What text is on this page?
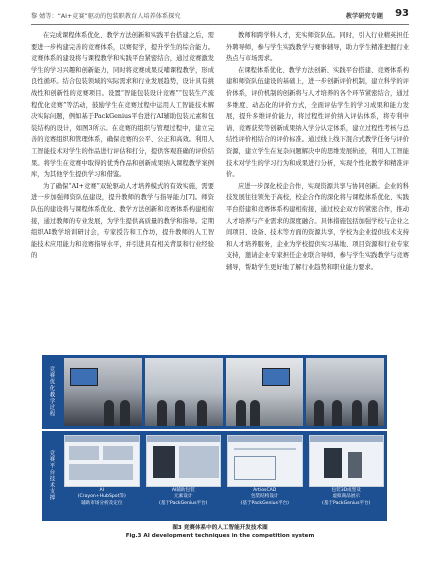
黎 婧等：“AI+竞赛”驱动的包装职教育人培养体系探究	教学研究专题 93

在完成课程体系优化、教学方法创新和实践平台搭建之后，需要进一步构建完善的竞赛体系，以赛促学，提升学生的综合能力。竞赛体系的建设将与课程教学和实践平台紧密结合，通过竞赛激发学生的学习兴趣和创新能力，同时将竞赛成果反哺课程教学，形成良性循环。结合包装领域的实际需求和行业发展趋势，设计具有挑战性和创新性的竞赛项目。设置“智能包装设计竞赛”“包装生产流程优化竞赛”等活动，鼓励学生在竞赛过程中运用人工智能技术解决实际问题，例如基于PackGenius平台进行AI辅助包装元素和包装结构的设计，如图3所示。在竞赛的组织与管理过程中，建立完善的竞赛组织和管理体系，确保竞赛的公平、公正和高效。利用人工智能技术对学生的作品进行评估和打分，提供客观准确的评价结果。将学生在竞赛中取得的优秀作品和创新成果纳入课程教学案例库，为其他学生提供学习和借鉴。

为了确保“AI+竞赛”双轮驱动人才培养模式的有效实施，需要进一步加强师资队伍建设，提升教师的教学与指导能力[7]。师资队伍的建设将与课程体系优化、教学方法创新和竞赛体系构建相衔接，通过教师的专业发展，为学生提供高质量的教学和指导。定期组织AI教学培训研讨会，专家授告和工作坊，提升教师的人工智能技术应用能力和竞赛指导水平，并引进具有相关背景和行业经验的

教师和跨学科人才，充实师资队伍。同时，引入行业精英担任外聘导师，参与学生实践教学与赛事辅导，助力学生精准把握行业热点与市场需求。

在课程体系优化、教学方法创新、实践平台搭建、竞赛体系构建和师资队伍建设的基础上，进一步创新评价机制，建立科学的评价体系，评价机制的创新将与人才培养的各个环节紧密结合，通过多维度、动态化的评价方式，全面评估学生的学习成果和能力发展，提升多维评价能力，将过程性评价纳入评估体系，将专利申请、竞赛获奖等创新成果纳入学分认定体系，建立过程性考核与总结性评价相结合的评价标准。通过线上线下混合式教学任务与评价资源，建立学生在复杂问题解决中的思维发展轨迹，利用人工智能技术对学生的学习行为和成果进行分析，实现个性化教学和精准评价。

应进一步深化校企合作，实现资源共享与协同创新。企业的科技发展往往领先于高校，校企合作的深化将与课程体系优化、实践平台搭建和竞赛体系构建相衔接，通过校企双方的紧密合作，推动人才培养与产业需求的深度融合。具体措施包括加强学校与企业之间项目、设备、技术等方面的资源共享，学校为企业提供技术支持和人才培养服务，企业为学校提供实习基地、项目资源和行业专家支持，邀请企业专家担任企业联合导师，参与学生实践教学与竞赛辅导，帮助学生更好地了解行业趋势和职业能力要求。

竞赛优化教学过程
竞赛平台技术支撑	AI
(Crayon+HubSpot等)
辅助市场分析及定位
AI辅助包装
元素设计
(基于PackGenius平台)
ArtiosCAD
包装结构设计
(基于PackGenius平台)
包装3D成型及
虚拟商品展示
(基于PackGenius平台)
图3 竞赛体系中的人工智能开发技术图
Fig.3 AI development techniques in the competition system
